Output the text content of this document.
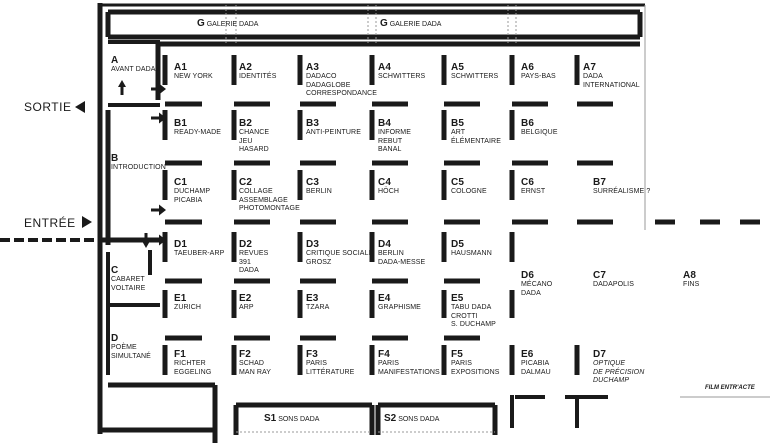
SORTIE
ENTRÉE
G GALERIE DADA	G GALERIE DADA
S1 SONS DADA	S2 SONS DADA
FILM ENTR'ACTE
A
AVANT DADA
B
INTRODUCTION
C
CABARET
VOLTAIRE
D
POÈME
SIMULTANÉ
A1
NEW YORK
A2
IDENTITÉS
A3
DADACO
DADAGLOBE
CORRESPONDANCE
A4
SCHWITTERS
A5
SCHWITTERS
A6
PAYS-BAS
A7
DADA
INTERNATIONAL
B1
READY-MADE
B2
CHANCE
JEU
HASARD
B3
ANTI-PEINTURE
B4
INFORME
REBUT
BANAL
B5
ART
ÉLÉMENTAIRE
B6
BELGIQUE
C1
DUCHAMP
PICABIA
C2
COLLAGE
ASSEMBLAGE
PHOTOMONTAGE
C3
BERLIN
C4
HÖCH
C5
COLOGNE
C6
ERNST
B7
SURRÉALISME ?
D1
TAEUBER-ARP
D2
REVUES
391
DADA
D3
CRITIQUE SOCIALE
GROSZ
D4
BERLIN
DADA-MESSE
D5
HAUSMANN
D6
MÉCANO
DADA
C7
DADAPOLIS
A8
FINS
E1
ZURICH
E2
ARP
E3
TZARA
E4
GRAPHISME
E5
TABU DADA
CROTTI
S. DUCHAMP
F1
RICHTER
EGGELING
F2
SCHAD
MAN RAY
F3
PARIS
LITTÉRATURE
F4
PARIS
MANIFESTATIONS
F5
PARIS
EXPOSITIONS
E6
PICABIA
DALMAU
D7
OPTIQUE
DE PRÉCISION
DUCHAMP
